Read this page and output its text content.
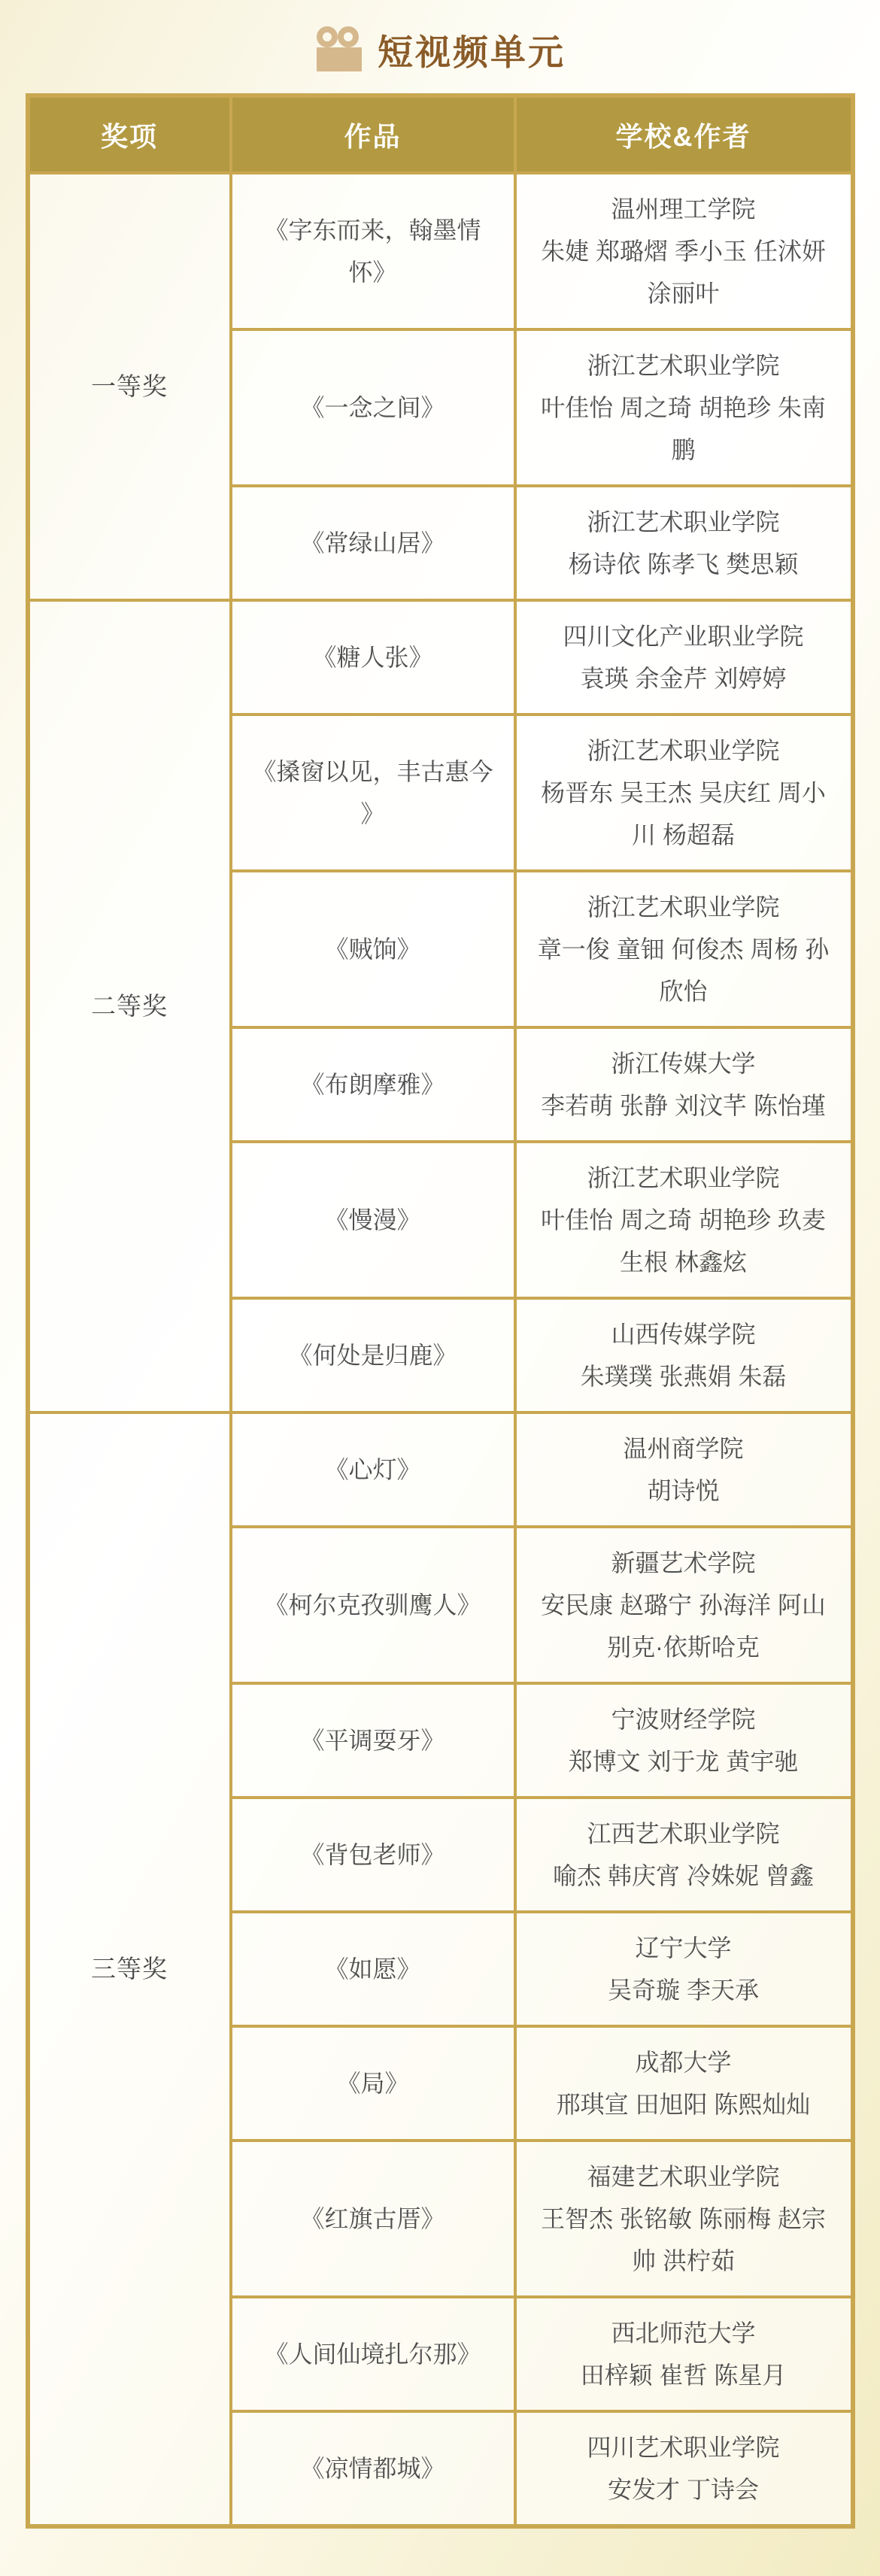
短视频单元
奖项	作品	学校&作者
一等奖	《字东而来，翰墨情怀》	温州理工学院
朱婕 郑璐熠 季小玉 任沭妍 涂丽叶

	《一念之间》	浙江艺术职业学院
叶佳怡 周之琦 胡艳珍 朱南鹏

	《常绿山居》	浙江艺术职业学院
杨诗依 陈孝飞 樊思颖

二等奖	《糖人张》	四川文化产业职业学院
袁瑛 余金芹 刘婷婷

	《搡窗以见，丰古惠今 》	浙江艺术职业学院
杨晋东 吴王杰 吴庆红 周小川 杨超磊

	《贼饷》	浙江艺术职业学院
章一俊 童钿 何俊杰 周杨 孙欣怡

	《布朗摩雅》	浙江传媒大学
李若萌 张静 刘汶芊 陈怡瑾

	《慢漫》	浙江艺术职业学院
叶佳怡 周之琦 胡艳珍 玖麦生根 林鑫炫

	《何处是归鹿》	山西传媒学院
朱璞璞 张燕娟 朱磊

三等奖	《心灯》	温州商学院
胡诗悦

	《柯尔克孜驯鹰人》	新疆艺术学院
安民康 赵璐宁 孙海洋 阿山别克·依斯哈克

	《平调耍牙》	宁波财经学院
郑博文 刘于龙 黄宇驰

	《背包老师》	江西艺术职业学院
喻杰 韩庆宵 冷姝妮 曾鑫

	《如愿》	辽宁大学
吴奇璇 李天承

	《局》	成都大学
邢琪宣 田旭阳 陈熙灿灿

	《红旗古厝》	福建艺术职业学院
王智杰 张铭敏 陈丽梅 赵宗帅 洪柠茹

	《人间仙境扎尔那》	西北师范大学
田梓颖 崔哲 陈星月

	《凉情都城》	四川艺术职业学院
安发才 丁诗会
